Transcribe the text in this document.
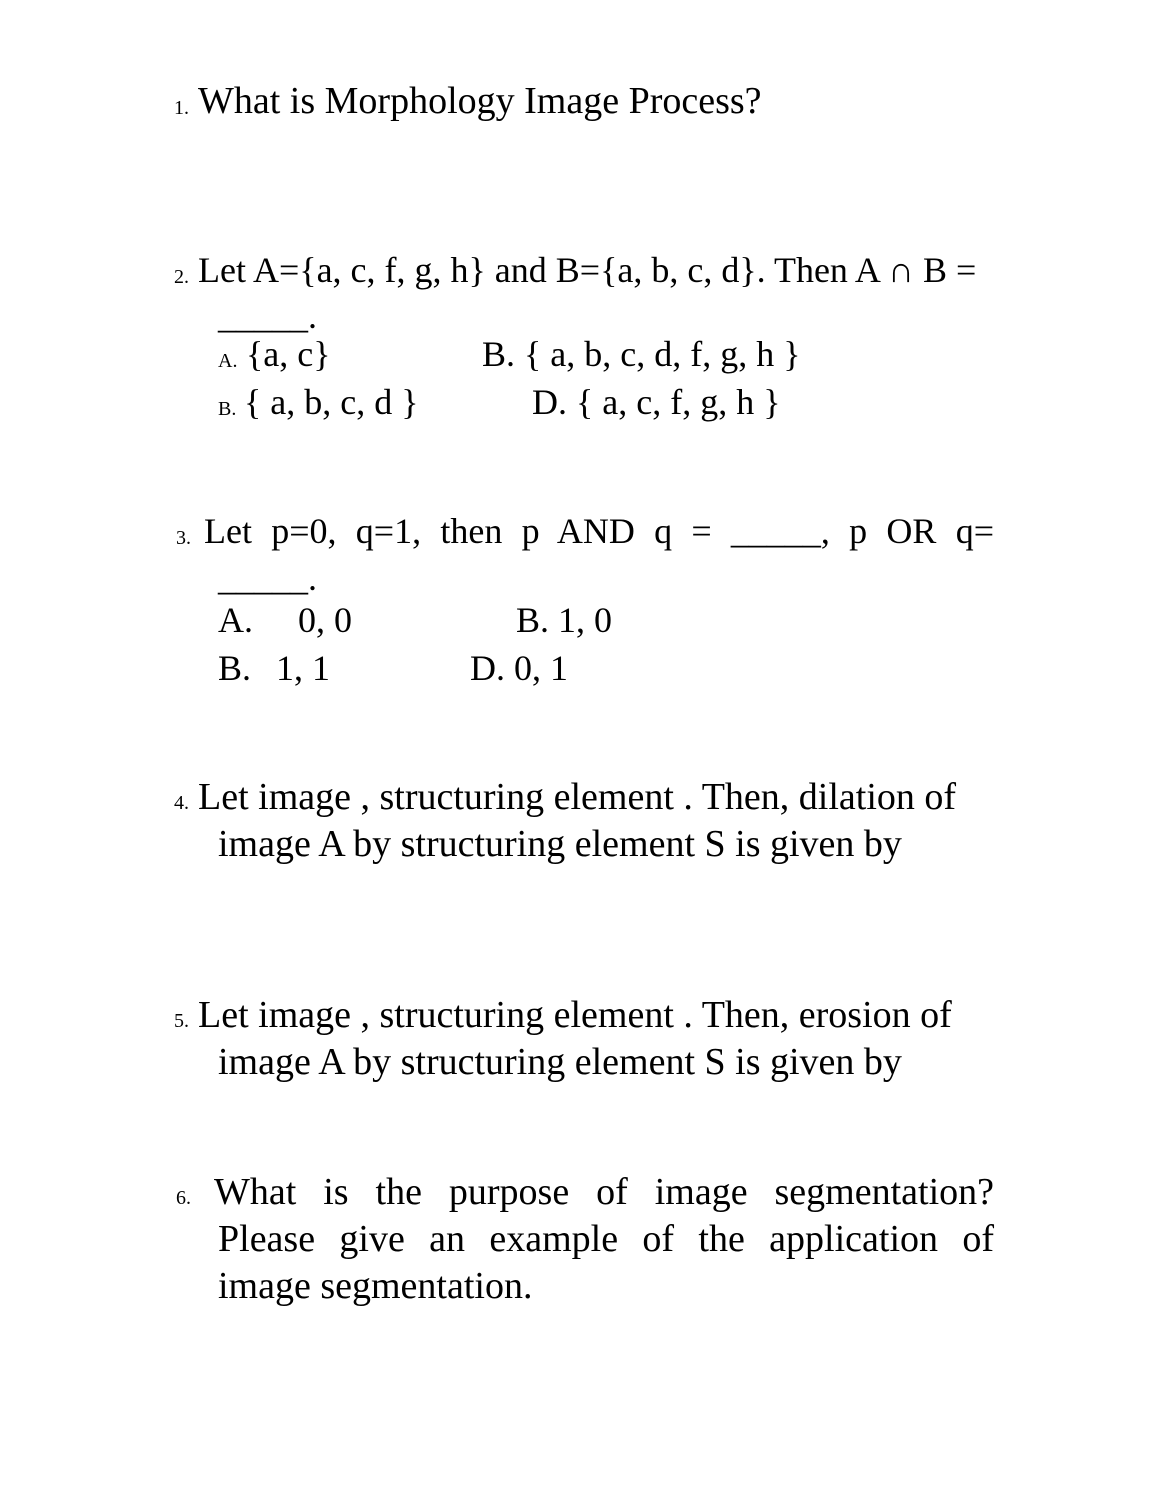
1. What is Morphology Image Process?
2. Let A={a, c, f, g, h} and B={a, b, c, d}. Then A ∩ B =
_____.
A. {a, c}	B. { a, b, c, d, f, g, h }
B. { a, b, c, d }	D. { a, c, f, g, h }
3. Let p=0, q=1, then p AND q = _____, p OR q=
_____.
A. 0, 0	B. 1, 0
B. 1, 1	D. 0, 1
4. Let image , structuring element . Then, dilation of
image A by structuring element S is given by
5. Let image , structuring element . Then, erosion of
image A by structuring element S is given by
6. What is the purpose of image segmentation?
Please give an example of the application of
image segmentation.
